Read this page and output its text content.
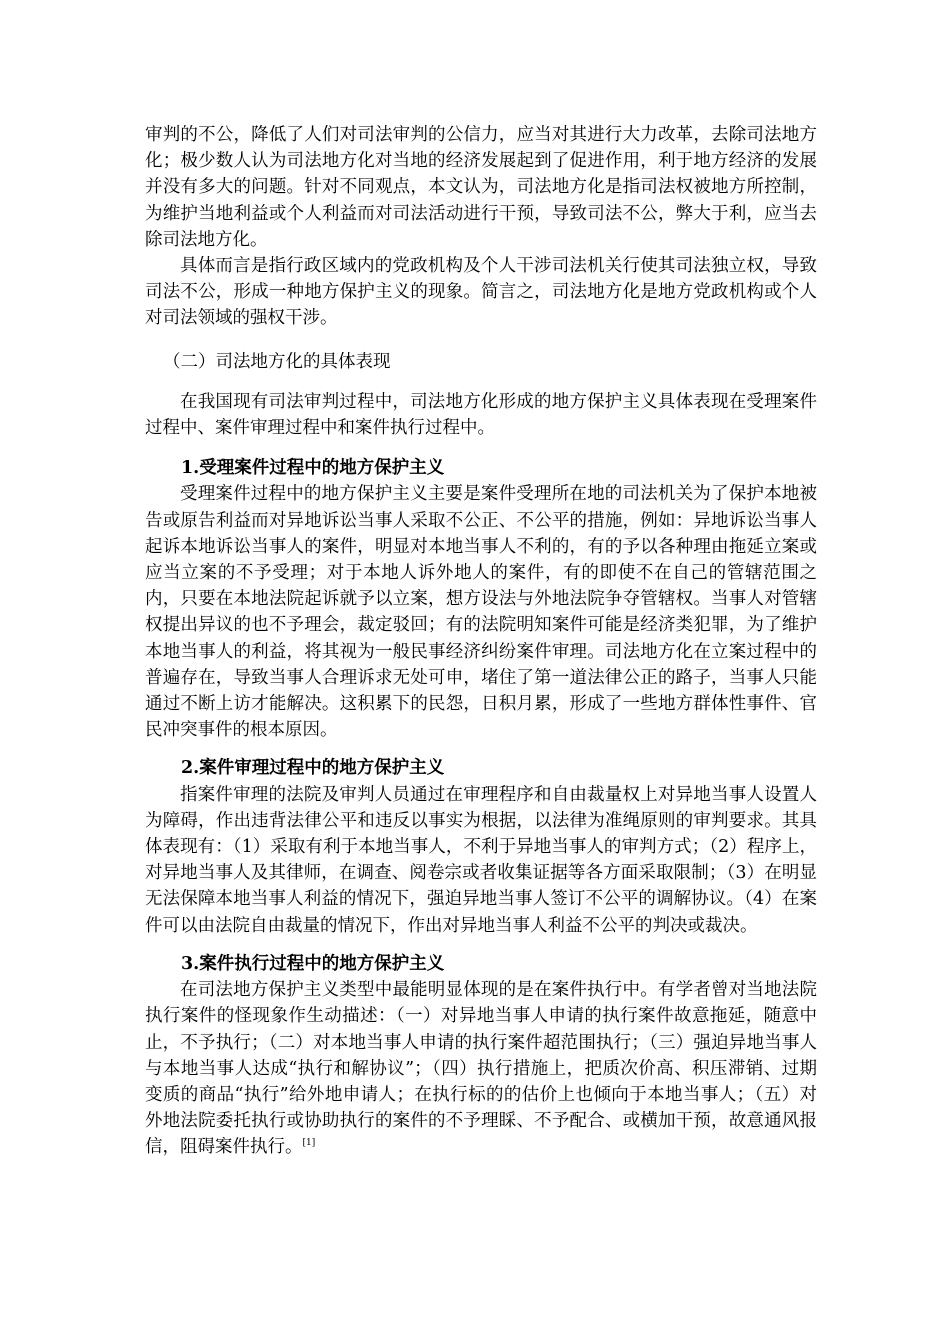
审判的不公，降低了人们对司法审判的公信力，应当对其进行大力改革，去除司法地方化；极少数人认为司法地方化对当地的经济发展起到了促进作用，利于地方经济的发展并没有多大的问题。针对不同观点，本文认为，司法地方化是指司法权被地方所控制，为维护当地利益或个人利益而对司法活动进行干预，导致司法不公，弊大于利，应当去除司法地方化。

具体而言是指行政区域内的党政机构及个人干涉司法机关行使其司法独立权，导致司法不公，形成一种地方保护主义的现象。简言之，司法地方化是地方党政机构或个人对司法领域的强权干涉。

（二）司法地方化的具体表现

在我国现有司法审判过程中，司法地方化形成的地方保护主义具体表现在受理案件过程中、案件审理过程中和案件执行过程中。

1.受理案件过程中的地方保护主义

受理案件过程中的地方保护主义主要是案件受理所在地的司法机关为了保护本地被告或原告利益而对异地诉讼当事人采取不公正、不公平的措施，例如：异地诉讼当事人起诉本地诉讼当事人的案件，明显对本地当事人不利的，有的予以各种理由拖延立案或应当立案的不予受理；对于本地人诉外地人的案件，有的即使不在自己的管辖范围之内，只要在本地法院起诉就予以立案，想方设法与外地法院争夺管辖权。当事人对管辖权提出异议的也不予理会，裁定驳回；有的法院明知案件可能是经济类犯罪，为了维护本地当事人的利益，将其视为一般民事经济纠纷案件审理。司法地方化在立案过程中的普遍存在，导致当事人合理诉求无处可申，堵住了第一道法律公正的路子，当事人只能通过不断上访才能解决。这积累下的民怨，日积月累，形成了一些地方群体性事件、官民冲突事件的根本原因。

2.案件审理过程中的地方保护主义

指案件审理的法院及审判人员通过在审理程序和自由裁量权上对异地当事人设置人为障碍，作出违背法律公平和违反以事实为根据，以法律为准绳原则的审判要求。其具体表现有：（1）采取有利于本地当事人，不利于异地当事人的审判方式；（2）程序上，对异地当事人及其律师，在调查、阅卷宗或者收集证据等各方面采取限制；（3）在明显无法保障本地当事人利益的情况下，强迫异地当事人签订不公平的调解协议。（4）在案件可以由法院自由裁量的情况下，作出对异地当事人利益不公平的判决或裁决。

3.案件执行过程中的地方保护主义

在司法地方保护主义类型中最能明显体现的是在案件执行中。有学者曾对当地法院执行案件的怪现象作生动描述：（一）对异地当事人申请的执行案件故意拖延，随意中止，不予执行；（二）对本地当事人申请的执行案件超范围执行；（三）强迫异地当事人与本地当事人达成“执行和解协议”；（四）执行措施上，把质次价高、积压滞销、过期变质的商品“执行”给外地申请人；在执行标的的估价上也倾向于本地当事人；（五）对外地法院委托执行或协助执行的案件的不予理睬、不予配合、或横加干预，故意通风报信，阻碍案件执行。[1]
